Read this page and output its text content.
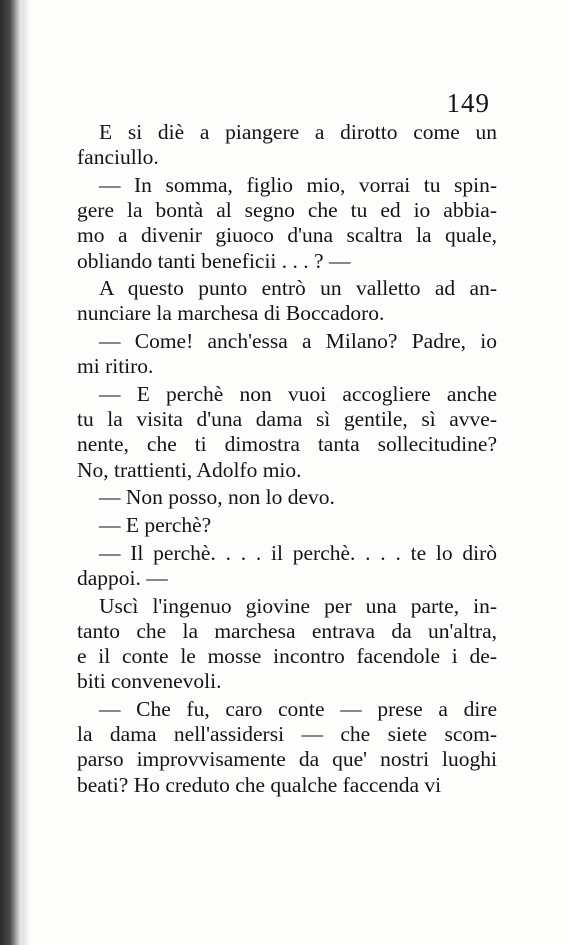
149
E si diè a piangere a dirotto come un
fanciullo.
— In somma, figlio mio, vorrai tu spin-
gere la bontà al segno che tu ed io abbia-
mo a divenir giuoco d'una scaltra la quale,
obliando tanti beneficii . . . ? —
A questo punto entrò un valletto ad an-
nunciare la marchesa di Boccadoro.
— Come! anch'essa a Milano? Padre, io
mi ritiro.
— E perchè non vuoi accogliere anche
tu la visita d'una dama sì gentile, sì avve-
nente, che ti dimostra tanta sollecitudine?
No, trattienti, Adolfo mio.
— Non posso, non lo devo.
— E perchè?
— Il perchè. . . . il perchè. . . . te lo dirò
dappoi. —
Uscì l'ingenuo giovine per una parte, in-
tanto che la marchesa entrava da un'altra,
e il conte le mosse incontro facendole i de-
biti convenevoli.
— Che fu, caro conte — prese a dire
la dama nell'assidersi — che siete scom-
parso improvvisamente da que' nostri luoghi
beati? Ho creduto che qualche faccenda vi
